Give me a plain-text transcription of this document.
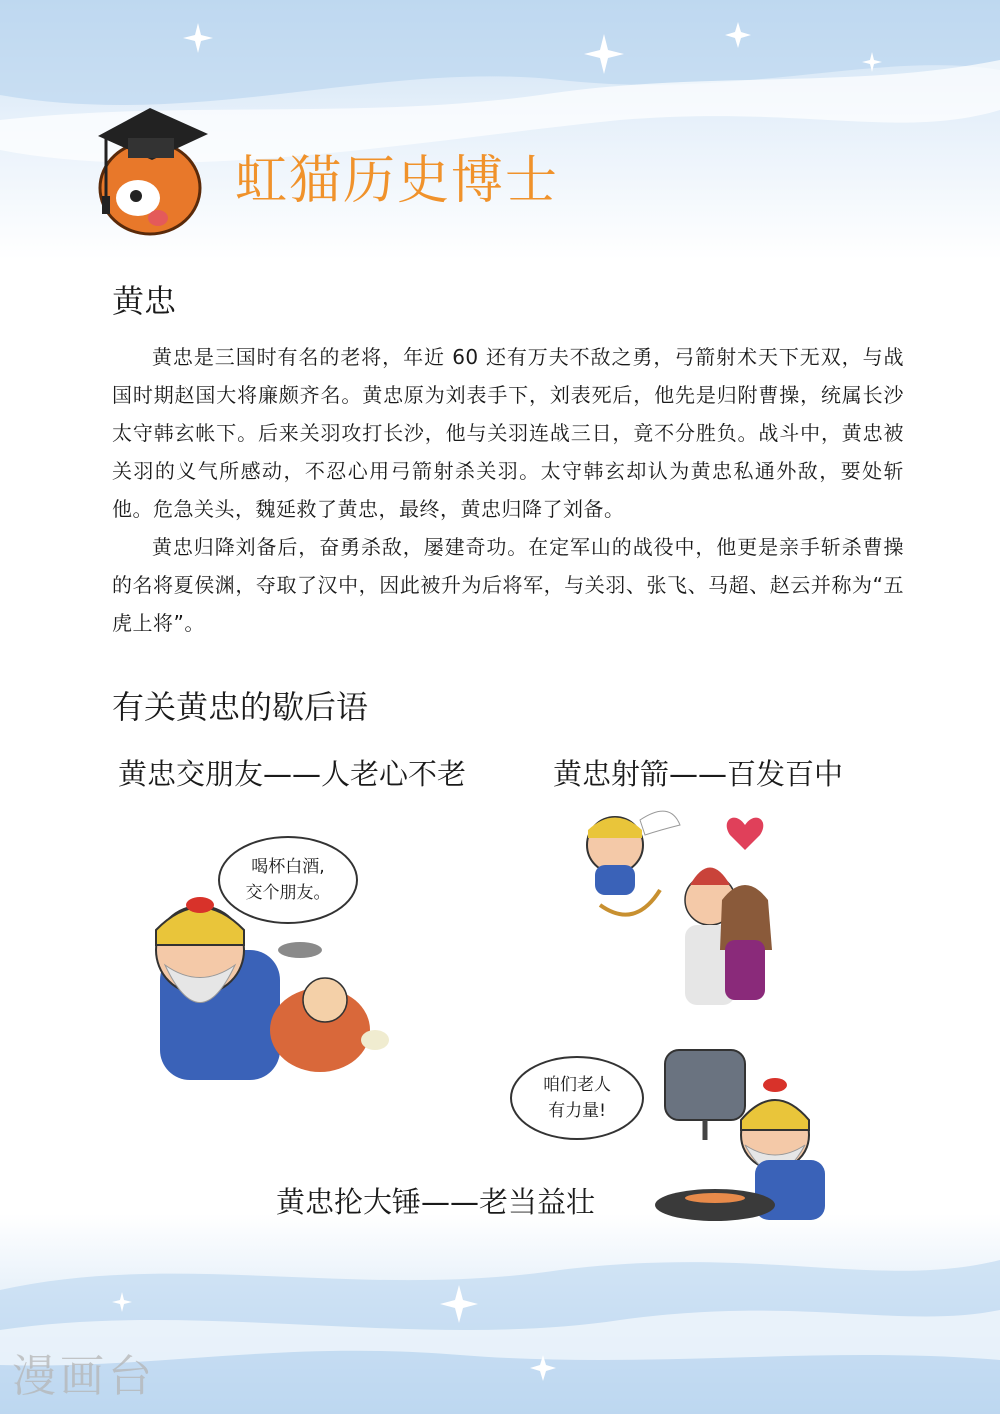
虹猫历史博士
黄忠

黄忠是三国时有名的老将，年近 60 还有万夫不敌之勇，弓箭射术天下无双，与战国时期赵国大将廉颇齐名。黄忠原为刘表手下，刘表死后，他先是归附曹操，统属长沙太守韩玄帐下。后来关羽攻打长沙，他与关羽连战三日，竟不分胜负。战斗中，黄忠被关羽的义气所感动，不忍心用弓箭射杀关羽。太守韩玄却认为黄忠私通外敌，要处斩他。危急关头，魏延救了黄忠，最终，黄忠归降了刘备。

黄忠归降刘备后，奋勇杀敌，屡建奇功。在定军山的战役中，他更是亲手斩杀曹操的名将夏侯渊，夺取了汉中，因此被升为后将军，与关羽、张飞、马超、赵云并称为“五虎上将”。

有关黄忠的歇后语
黄忠交朋友——人老心不老	黄忠射箭——百发百中
黄忠抡大锤——老当益壮
喝杯白酒,
交个朋友。
咱们老人
有力量!
漫画台
